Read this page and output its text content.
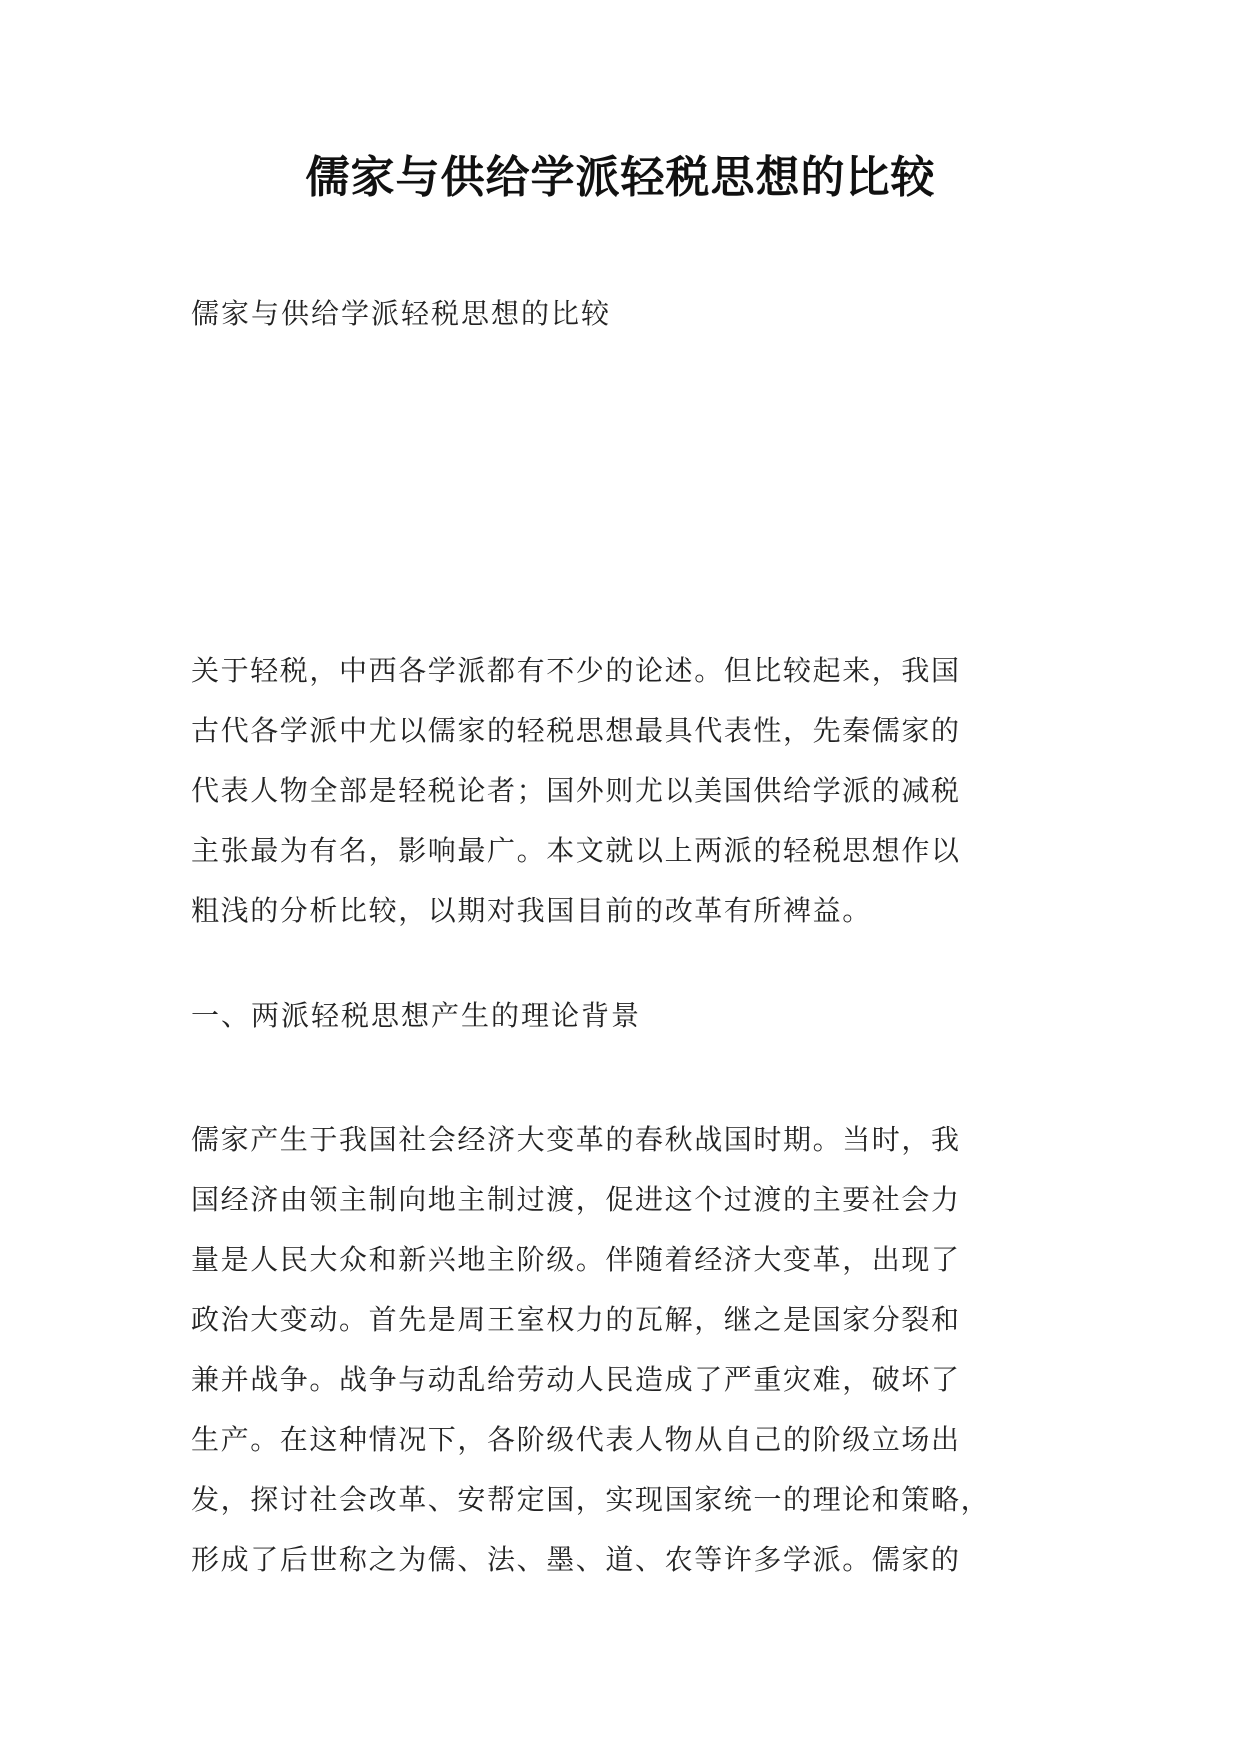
儒家与供给学派轻税思想的比较
儒家与供给学派轻税思想的比较
关于轻税，中西各学派都有不少的论述。但比较起来，我国
古代各学派中尤以儒家的轻税思想最具代表性，先秦儒家的
代表人物全部是轻税论者；国外则尤以美国供给学派的减税
主张最为有名，影响最广。本文就以上两派的轻税思想作以
粗浅的分析比较，以期对我国目前的改革有所裨益。
一、两派轻税思想产生的理论背景
儒家产生于我国社会经济大变革的春秋战国时期。当时，我
国经济由领主制向地主制过渡，促进这个过渡的主要社会力
量是人民大众和新兴地主阶级。伴随着经济大变革，出现了
政治大变动。首先是周王室权力的瓦解，继之是国家分裂和
兼并战争。战争与动乱给劳动人民造成了严重灾难，破坏了
生产。在这种情况下，各阶级代表人物从自己的阶级立场出
发，探讨社会改革、安帮定国，实现国家统一的理论和策略，
形成了后世称之为儒、法、墨、道、农等许多学派。儒家的
